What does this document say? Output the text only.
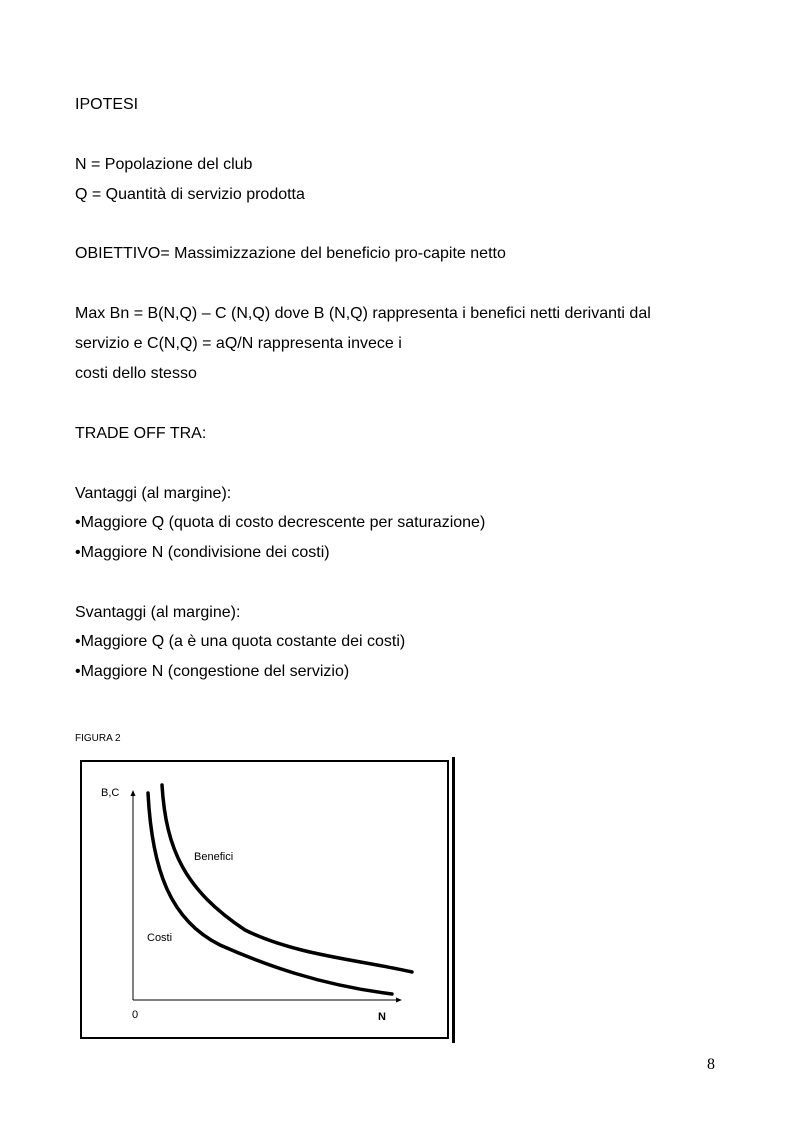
IPOTESI
N = Popolazione del club
Q = Quantità di servizio prodotta
OBIETTIVO= Massimizzazione del beneficio pro-capite netto
Max Bn = B(N,Q) – C (N,Q) dove B (N,Q) rappresenta i benefici netti derivanti dal
servizio e C(N,Q) = aQ/N rappresenta invece i
costi dello stesso
TRADE OFF TRA:
Vantaggi (al margine):
•Maggiore Q (quota di costo decrescente per saturazione)
•Maggiore N (condivisione dei costi)
Svantaggi (al margine):
•Maggiore Q (a è una quota costante dei costi)
•Maggiore N (congestione del servizio)
FIGURA 2
B,C
0	N
Benefici
Costi
8
